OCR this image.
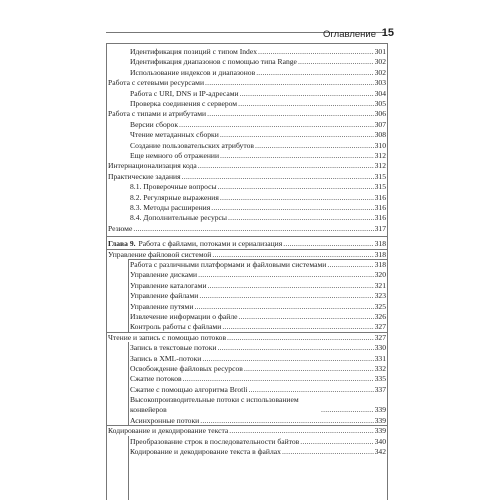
Оглавление
Идентификация позиций с типом Index .....	301
Идентификация диапазонов с помощью типа Range .....	302
Использование индексов и диапазонов .....	302
Работа с сетевыми ресурсами .....	303
Работа с URI, DNS и IP-адресами .....	304
Проверка соединения с сервером .....	305
Работа с типами и атрибутами .....	306
Версии сборок .....	307
Чтение метаданных сборки .....	308
Создание пользовательских атрибутов .....	310
Еще немного об отражении .....	312
Интернационализация кода .....	312
Практические задания .....	315
8.1. Проверочные вопросы .....	315
8.2. Регулярные выражения .....	316
8.3. Методы расширения .....	316
8.4. Дополнительные ресурсы .....	316
Резюме .....	317
Глава 9. Работа с файлами, потоками и сериализация .....	318
Управление файловой системой .....	318
Работа с различными платформами и файловыми системами .....	318
Управление дисками .....	320
Управление каталогами .....	321
Управление файлами .....	323
Управление путями .....	325
Извлечение информации о файле .....	326
Контроль работы с файлами .....	327
Чтение и запись с помощью потоков .....	327
Запись в текстовые потоки .....	330
Запись в XML-потоки .....	331
Освобождение файловых ресурсов .....	332
Сжатие потоков .....	335
Сжатие с помощью алгоритма Brotli .....	337
Высокопроизводительные потоки с использованием конвейеров .....	339
Асинхронные потоки .....	339
Кодирование и декодирование текста .....	339
Преобразование строк в последовательности байтов .....	340
Кодирование и декодирование текста в файлах .....	342
15
